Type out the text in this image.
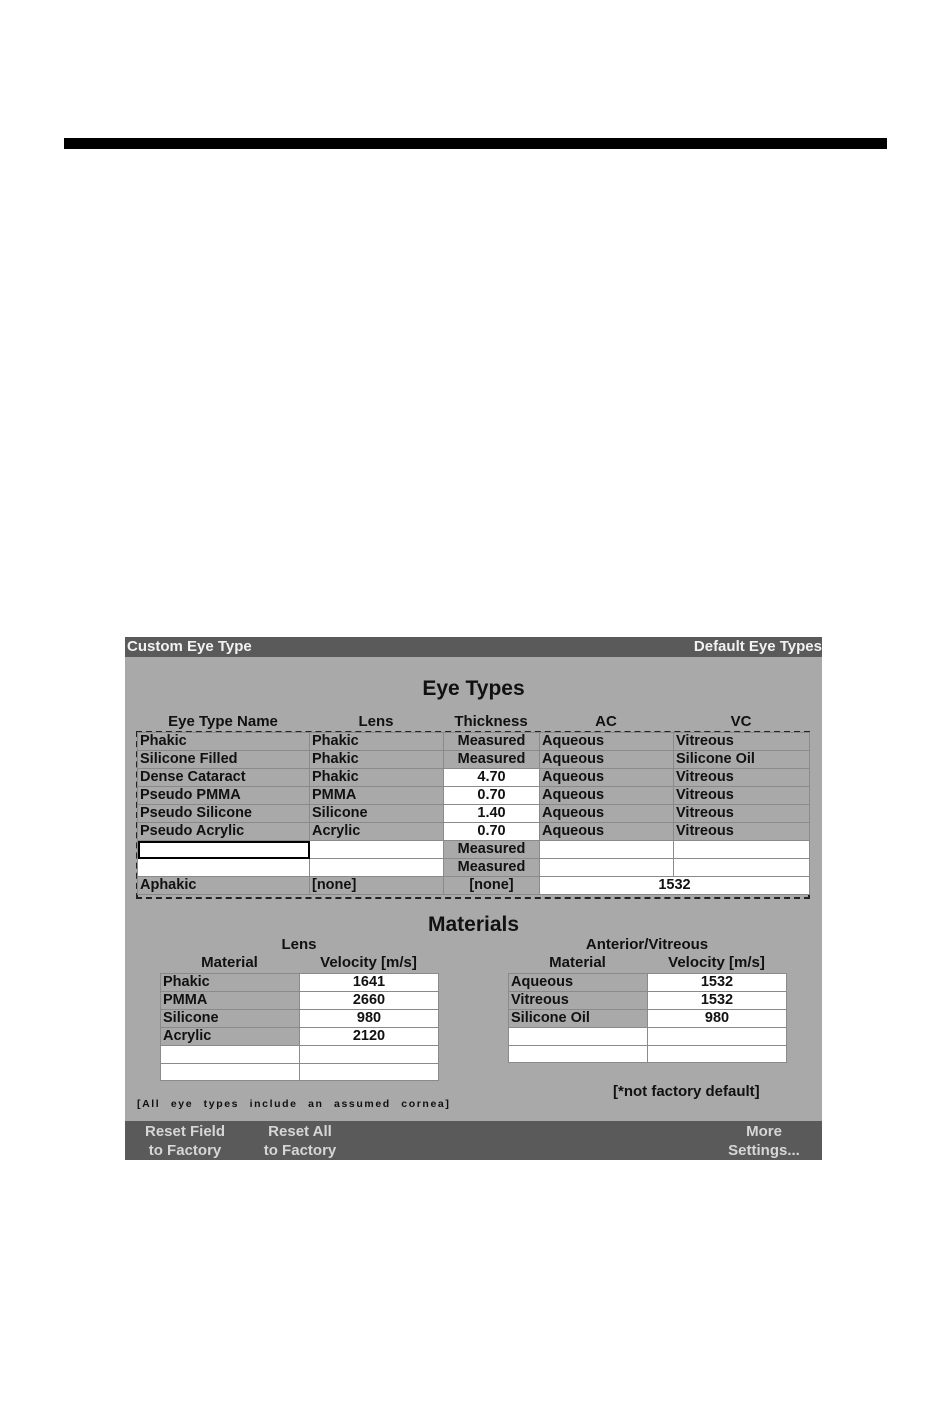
Custom Eye Type	Default Eye Types
Eye Types
Eye Type Name	Lens	Thickness	AC	VC
Phakic	Phakic	Measured	Aqueous	Vitreous
Silicone Filled	Phakic	Measured	Aqueous	Silicone Oil
Dense Cataract	Phakic	4.70	Aqueous	Vitreous
Pseudo PMMA	PMMA	0.70	Aqueous	Vitreous
Pseudo Silicone	Silicone	1.40	Aqueous	Vitreous
Pseudo Acrylic	Acrylic	0.70	Aqueous	Vitreous
		Measured		
		Measured		
Aphakic	[none]	[none]	1532	
Materials
Lens
Material	Velocity [m/s]
Phakic	1641
PMMA	2660
Silicone	980
Acrylic	2120

Anterior/Vitreous
Material	Velocity [m/s]
Aqueous	1532
Vitreous	1532
Silicone Oil	980

[*not factory default]
[All eye types include an assumed cornea]
Reset Field
to Factory
Reset All
to Factory
More
Settings...
